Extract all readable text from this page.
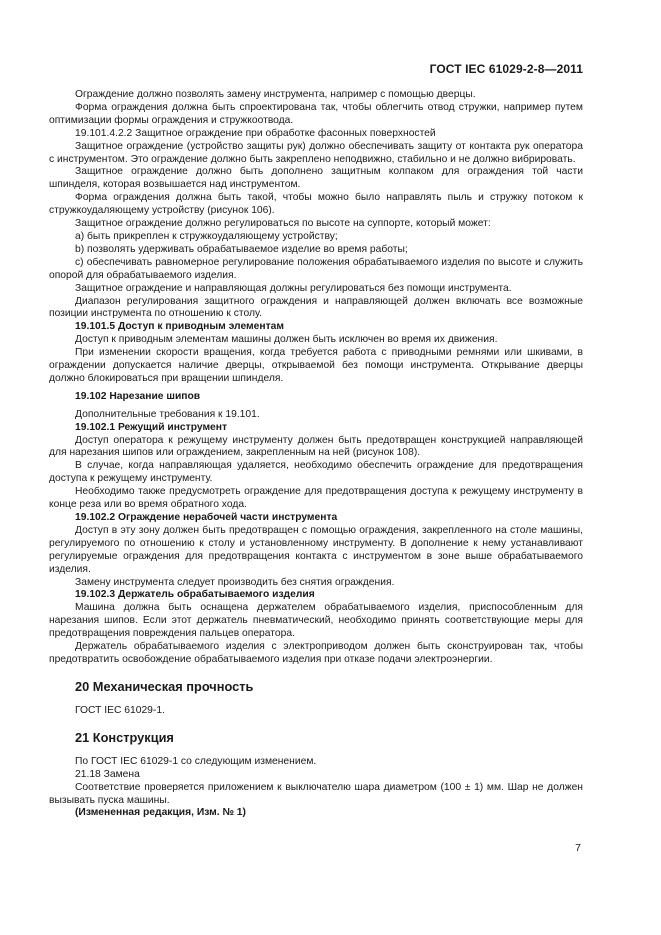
ГОСТ IEC 61029-2-8—2011

Ограждение должно позволять замену инструмента, например с помощью дверцы.

Форма ограждения должна быть спроектирована так, чтобы облегчить отвод стружки, например путем оптимизации формы ограждения и стружкоотвода.

19.101.4.2.2 Защитное ограждение при обработке фасонных поверхностей

Защитное ограждение (устройство защиты рук) должно обеспечивать защиту от контакта рук оператора с инструментом. Это ограждение должно быть закреплено неподвижно, стабильно и не должно вибрировать.

Защитное ограждение должно быть дополнено защитным колпаком для ограждения той части шпинделя, которая возвышается над инструментом.

Форма ограждения должна быть такой, чтобы можно было направлять пыль и стружку потоком к стружкоудаляющему устройству (рисунок 106).

Защитное ограждение должно регулироваться по высоте на суппорте, который может:

а) быть прикреплен к стружкоудаляющему устройству;

b) позволять удерживать обрабатываемое изделие во время работы;

c) обеспечивать равномерное регулирование положения обрабатываемого изделия по высоте и служить опорой для обрабатываемого изделия.

Защитное ограждение и направляющая должны регулироваться без помощи инструмента.

Диапазон регулирования защитного ограждения и направляющей должен включать все возможные позиции инструмента по отношению к столу.

19.101.5 Доступ к приводным элементам

Доступ к приводным элементам машины должен быть исключен во время их движения.

При изменении скорости вращения, когда требуется работа с приводными ремнями или шкивами, в ограждении допускается наличие дверцы, открываемой без помощи инструмента. Открывание дверцы должно блокироваться при вращении шпинделя.

19.102 Нарезание шипов

Дополнительные требования к 19.101.

19.102.1 Режущий инструмент

Доступ оператора к режущему инструменту должен быть предотвращен конструкцией направляющей для нарезания шипов или ограждением, закрепленным на ней (рисунок 108).

В случае, когда направляющая удаляется, необходимо обеспечить ограждение для предотвращения доступа к режущему инструменту.

Необходимо также предусмотреть ограждение для предотвращения доступа к режущему инструменту в конце реза или во время обратного хода.

19.102.2 Ограждение нерабочей части инструмента

Доступ в эту зону должен быть предотвращен с помощью ограждения, закрепленного на столе машины, регулируемого по отношению к столу и установленному инструменту. В дополнение к нему устанавливают регулируемые ограждения для предотвращения контакта с инструментом в зоне выше обрабатываемого изделия.

Замену инструмента следует производить без снятия ограждения.

19.102.3 Держатель обрабатываемого изделия

Машина должна быть оснащена держателем обрабатываемого изделия, приспособленным для нарезания шипов. Если этот держатель пневматический, необходимо принять соответствующие меры для предотвращения повреждения пальцев оператора.

Держатель обрабатываемого изделия с электроприводом должен быть сконструирован так, чтобы предотвратить освобождение обрабатываемого изделия при отказе подачи электроэнергии.

20 Механическая прочность

ГОСТ IEC 61029-1.

21 Конструкция

По ГОСТ IEC 61029-1 со следующим изменением.

21.18 Замена

Соответствие проверяется приложением к выключателю шара диаметром (100 ± 1) мм. Шар не должен вызывать пуска машины.

(Измененная редакция, Изм. № 1)

7
